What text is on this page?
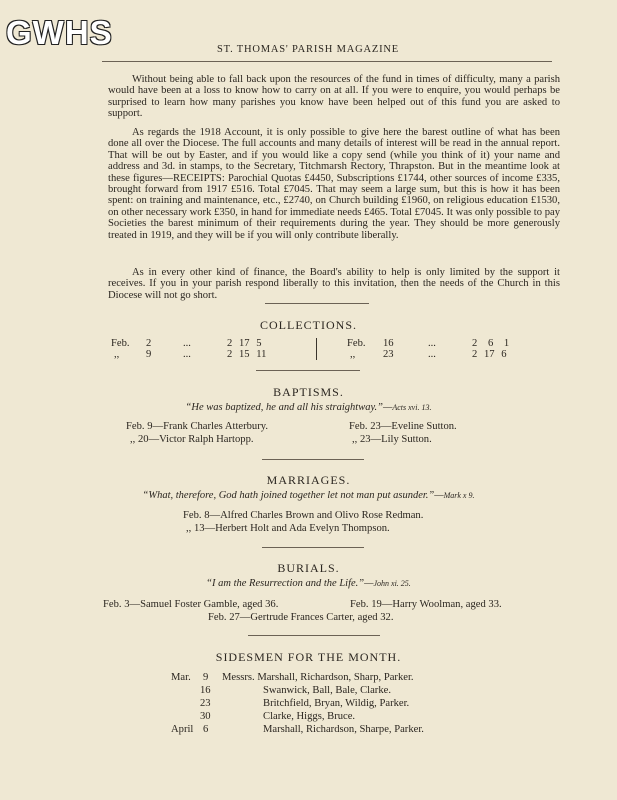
GWHS	ST. THOMAS' PARISH MAGAZINE

Without being able to fall back upon the resources of the fund in times of difficulty, many a parish would have been at a loss to know how to carry on at all. If you were to enquire, you would perhaps be surprised to learn how many parishes you know have been helped out of this fund you are asked to support.

As regards the 1918 Account, it is only possible to give here the barest outline of what has been done all over the Diocese. The full accounts and many details of interest will be read in the annual report. That will be out by Easter, and if you would like a copy send (while you think of it) your name and address and 3d. in stamps, to the Secretary, Titchmarsh Rectory, Thrapston. But in the meantime look at these figures—RECEIPTS: Parochial Quotas £4450, Subscriptions £1744, other sources of income £335, brought forward from 1917 £516. Total £7045. That may seem a large sum, but this is how it has been spent: on training and maintenance, etc., £2740, on Church building £1960, on religious education £1530, on other necessary work £350, in hand for immediate needs £465. Total £7045. It was only possible to pay Societies the barest minimum of their requirements during the year. They should be more generously treated in 1919, and they will be if you will only contribute liberally.

As in every other kind of finance, the Board's ability to help is only limited by the support it receives. If you in your parish respond liberally to this invitation, then the needs of the Church in this Diocese will not go short.

COLLECTIONS.
Feb. 2	...	2 17 5
,,	9	...	2 15 11
Feb. 16	...	2 6 1
,,	23	...	2 17 6
BAPTISMS.
“He was baptized, he and all his straightway.”—Acts xvi. 13.
Feb. 9—Frank Charles Atterbury.
,, 20—Victor Ralph Hartopp.
Feb. 23—Eveline Sutton.
,, 23—Lily Sutton.
MARRIAGES.
“What, therefore, God hath joined together let not man put asunder.”—Mark x 9.
Feb. 8—Alfred Charles Brown and Olivo Rose Redman.
,, 13—Herbert Holt and Ada Evelyn Thompson.
BURIALS.
“I am the Resurrection and the Life.”—John xi. 25.
Feb. 3—Samuel Foster Gamble, aged 36.	Feb. 19—Harry Woolman, aged 33.
Feb. 27—Gertrude Frances Carter, aged 32.
SIDESMEN FOR THE MONTH.
Mar. 9 Messrs. Marshall, Richardson, Sharp, Parker.
16	Swanwick, Ball, Bale, Clarke.
23	Britchfield, Bryan, Wildig, Parker.
30	Clarke, Higgs, Bruce.
April 6	Marshall, Richardson, Sharpe, Parker.
